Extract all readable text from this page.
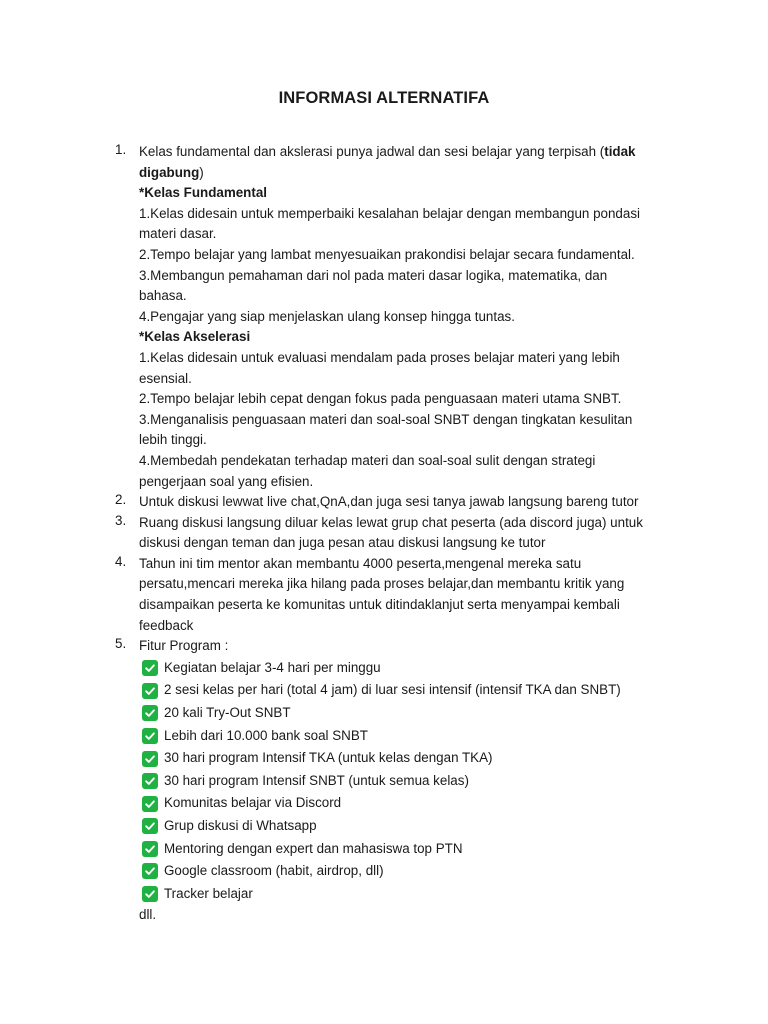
INFORMASI ALTERNATIFA
1. Kelas fundamental dan akslerasi punya jadwal dan sesi belajar yang terpisah (tidak
digabung)
*Kelas Fundamental
1.Kelas didesain untuk memperbaiki kesalahan belajar dengan membangun pondasi
materi dasar.
2.Tempo belajar yang lambat menyesuaikan prakondisi belajar secara fundamental.
3.Membangun pemahaman dari nol pada materi dasar logika, matematika, dan
bahasa.
4.Pengajar yang siap menjelaskan ulang konsep hingga tuntas.
*Kelas Akselerasi
1.Kelas didesain untuk evaluasi mendalam pada proses belajar materi yang lebih
esensial.
2.Tempo belajar lebih cepat dengan fokus pada penguasaan materi utama SNBT.
3.Menganalisis penguasaan materi dan soal-soal SNBT dengan tingkatan kesulitan
lebih tinggi.
4.Membedah pendekatan terhadap materi dan soal-soal sulit dengan strategi
pengerjaan soal yang efisien.
2. Untuk diskusi lewwat live chat,QnA,dan juga sesi tanya jawab langsung bareng tutor
3. Ruang diskusi langsung diluar kelas lewat grup chat peserta (ada discord juga) untuk
diskusi dengan teman dan juga pesan atau diskusi langsung ke tutor
4. Tahun ini tim mentor akan membantu 4000 peserta,mengenal mereka satu
persatu,mencari mereka jika hilang pada proses belajar,dan membantu kritik yang
disampaikan peserta ke komunitas untuk ditindaklanjut serta menyampai kembali
feedback
5. Fitur Program :
Kegiatan belajar 3-4 hari per minggu
2 sesi kelas per hari (total 4 jam) di luar sesi intensif (intensif TKA dan SNBT)
20 kali Try-Out SNBT
Lebih dari 10.000 bank soal SNBT
30 hari program Intensif TKA (untuk kelas dengan TKA)
30 hari program Intensif SNBT (untuk semua kelas)
Komunitas belajar via Discord
Grup diskusi di Whatsapp
Mentoring dengan expert dan mahasiswa top PTN
Google classroom (habit, airdrop, dll)
Tracker belajar
dll.
